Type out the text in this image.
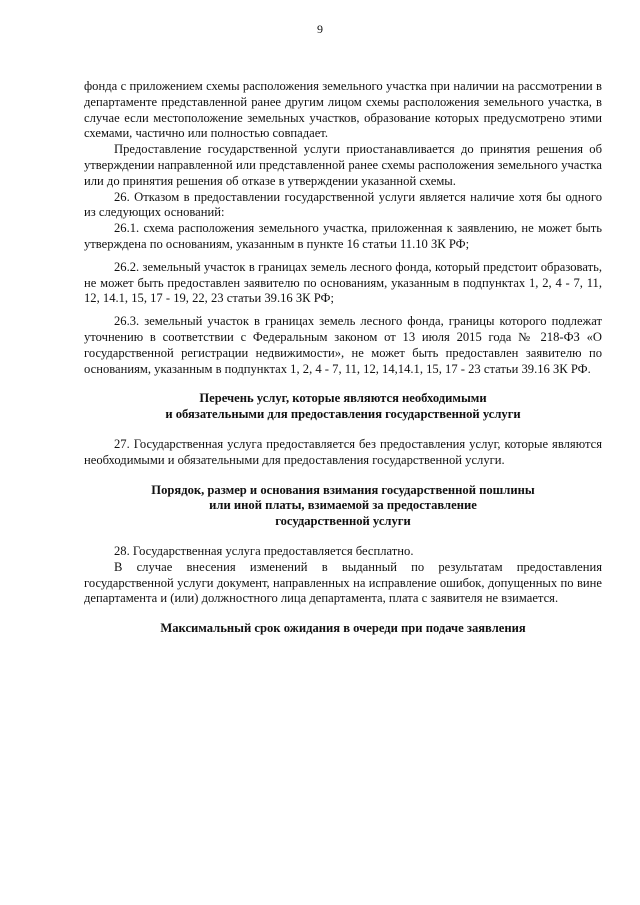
9

фонда с приложением схемы расположения земельного участка при наличии на рассмотрении в департаменте представленной ранее другим лицом схемы расположения земельного участка, в случае если местоположение земельных участков, образование которых предусмотрено этими схемами, частично или полностью совпадает.

Предоставление государственной услуги приостанавливается до принятия решения об утверждении направленной или представленной ранее схемы расположения земельного участка или до принятия решения об отказе в утверждении указанной схемы.

26. Отказом в предоставлении государственной услуги является наличие хотя бы одного из следующих оснований:

26.1. схема расположения земельного участка, приложенная к заявлению, не может быть утверждена по основаниям, указанным в пункте 16 статьи 11.10 ЗК РФ;

26.2. земельный участок в границах земель лесного фонда, который предстоит образовать, не может быть предоставлен заявителю по основаниям, указанным в подпунктах 1, 2, 4 - 7, 11, 12, 14.1, 15, 17 - 19, 22, 23 статьи 39.16 ЗК РФ;

26.3. земельный участок в границах земель лесного фонда, границы которого подлежат уточнению в соответствии с Федеральным законом от 13 июля 2015 года № 218-ФЗ «О государственной регистрации недвижимости», не может быть предоставлен заявителю по основаниям, указанным в подпунктах 1, 2, 4 - 7, 11, 12, 14,14.1, 15, 17 - 23 статьи 39.16 ЗК РФ.

Перечень услуг, которые являются необходимыми
и обязательными для предоставления государственной услуги

27. Государственная услуга предоставляется без предоставления услуг, которые являются необходимыми и обязательными для предоставления государственной услуги.

Порядок, размер и основания взимания государственной пошлины
или иной платы, взимаемой за предоставление
государственной услуги

28. Государственная услуга предоставляется бесплатно.

В случае внесения изменений в выданный по результатам предоставления государственной услуги документ, направленных на исправление ошибок, допущенных по вине департамента и (или) должностного лица департамента, плата с заявителя не взимается.

Максимальный срок ожидания в очереди при подаче заявления
